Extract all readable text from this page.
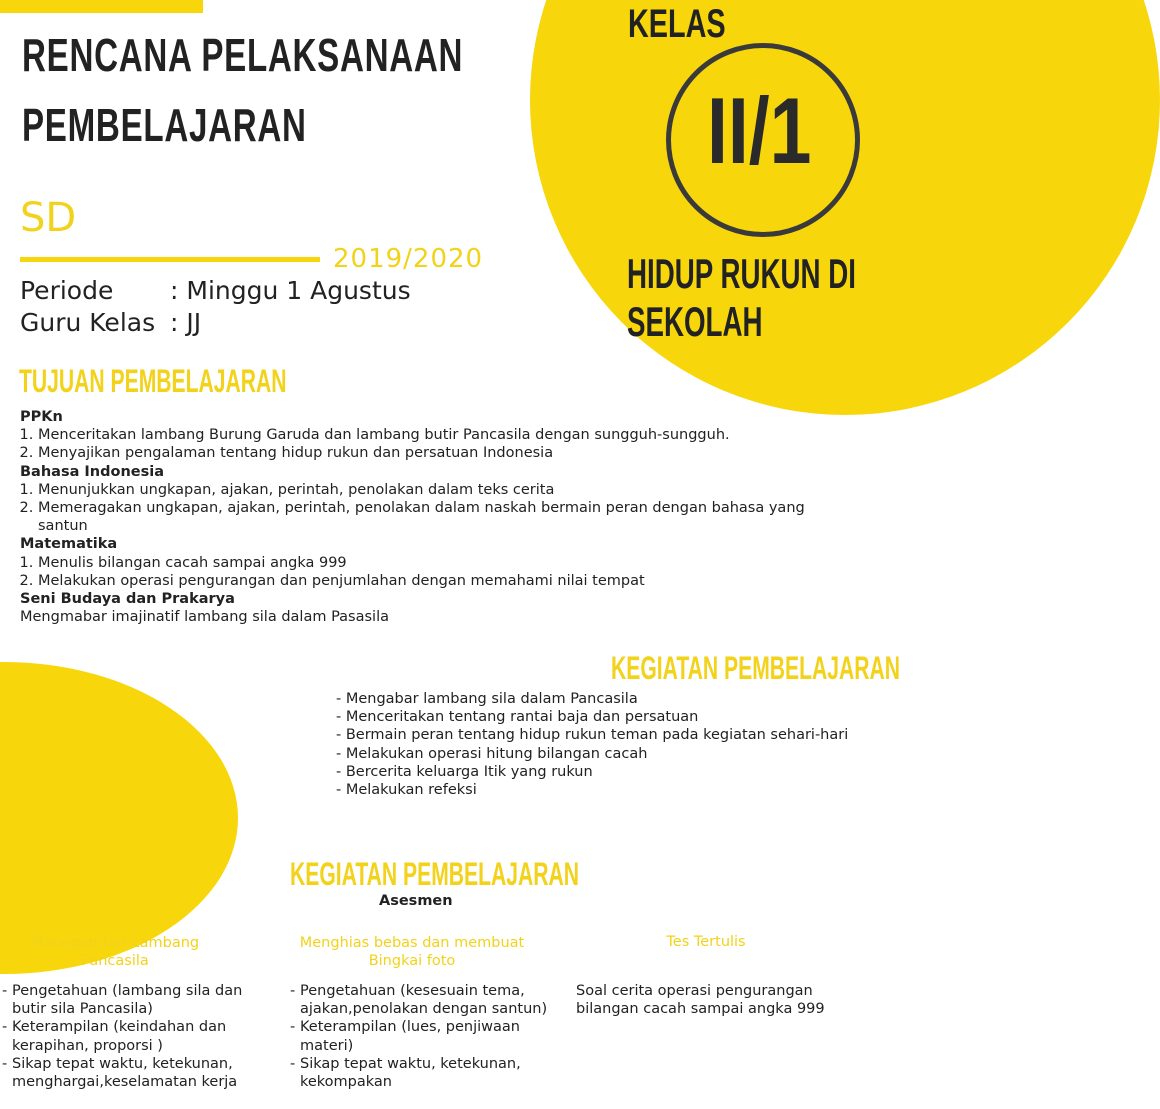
RENCANA PELAKSANAAN
PEMBELAJARAN
KELAS
II/1
HIDUP RUKUN DI
SEKOLAH
SD
2019/2020
Periode : Minggu 1 Agustus
Guru Kelas : JJ
TUJUAN PEMBELAJARAN
PPKn
1. Menceritakan lambang Burung Garuda dan lambang butir Pancasila dengan sungguh-sungguh.
2. Menyajikan pengalaman tentang hidup rukun dan persatuan Indonesia
Bahasa Indonesia
1. Menunjukkan ungkapan, ajakan, perintah, penolakan dalam teks cerita
2. Memeragakan ungkapan, ajakan, perintah, penolakan dalam naskah bermain peran dengan bahasa yang santun
Matematika
1. Menulis bilangan cacah sampai angka 999
2. Melakukan operasi pengurangan dan penjumlahan dengan memahami nilai tempat
Seni Budaya dan Prakarya
Mengmabar imajinatif lambang sila dalam Pasasila
KEGIATAN PEMBELAJARAN
- Mengabar lambang sila dalam Pancasila
- Menceritakan tentang rantai baja dan persatuan
- Bermain peran tentang hidup rukun teman pada kegiatan sehari-hari
- Melakukan operasi hitung bilangan cacah
- Bercerita keluarga Itik yang rukun
- Melakukan refeksi
KEGIATAN PEMBELAJARAN
Asesmen
Menggambar Lambang Pancasila
- Pengetahuan (lambang sila dan butir sila Pancasila)
- Keterampilan (keindahan dan kerapihan, proporsi )
- Sikap tepat waktu, ketekunan, menghargai,keselamatan kerja
Menghias bebas dan membuat Bingkai foto
- Pengetahuan (kesesuain tema, ajakan,penolakan dengan santun)
- Keterampilan (lues, penjiwaan materi)
- Sikap tepat waktu, ketekunan, kekompakan
Tes Tertulis
Soal cerita operasi pengurangan bilangan cacah sampai angka 999
